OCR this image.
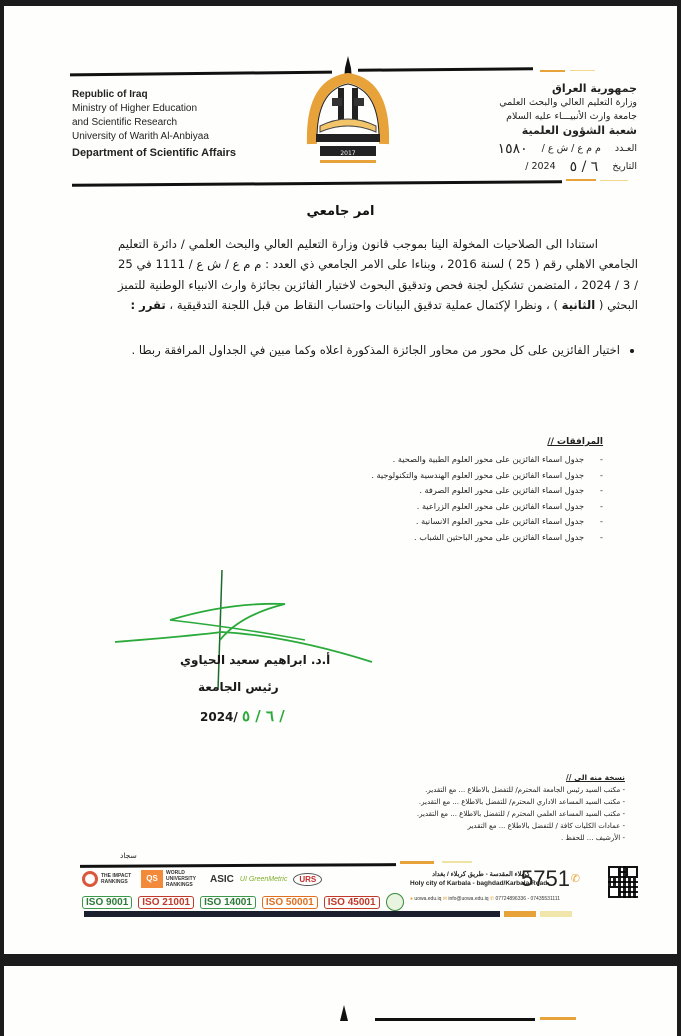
Republic of Iraq
Ministry of Higher Education
and Scientific Research
University of Warith Al-Anbiyaa
Department of Scientific Affairs	2017
جمهورية العراق
وزارة التعليم العالي والبحث العلمي
جامعة وارث الأنبيـــاء عليه السلام
شعبة الشؤون العلمية
العـدد
م م ع / ش ع /
١٥٨٠
التاريخ
٦ / ٥
2024 /
امر جامعي

استنادا الى الصلاحيات المخولة الينا بموجب قانون وزارة التعليم العالي والبحث العلمي / دائرة التعليم الجامعي الاهلي رقم ( 25 ) لسنة 2016 ، وبناءا على الامر الجامعي ذي العدد : م م ع / ش ع / 1111 في 25 / 3 / 2024 ، المتضمن تشكيل لجنة فحص وتدقيق البحوث لاختيار الفائزين بجائزة وارث الانبياء الوطنية للتميز البحثي ( الثانية ) ، ونظرا لإكتمال عملية تدقيق البيانات واحتساب النقاط من قبل اللجنة التدقيقية ، تقرر :

• اختيار الفائزين على كل محور من محاور الجائزة المذكورة اعلاه وكما مبين في الجداول المرافقة ربطا .
المرافقات //
- جدول اسماء الفائزين على محور العلوم الطبية والصحية .
- جدول اسماء الفائزين على محور العلوم الهندسية والتكنولوجية .
- جدول اسماء الفائزين على محور العلوم الصرفة .
- جدول اسماء الفائزين على محور العلوم الزراعية .
- جدول اسماء الفائزين على محور العلوم الانسانية .
- جدول اسماء الفائزين على محور الباحثين الشباب .
أ.د. ابراهيم سعيد الحياوي
رئيس الجامعة
2024/ ٦ / ٥ /
نسخة منه الى //
- مكتب السيد رئيس الجامعة المحترم/ للتفضل بالاطلاع ... مع التقدير.
- مكتب السيد المساعد الاداري المحترم/ للتفضل بالاطلاع ... مع التقدير.
- مكتب السيد المساعد العلمي المحترم / للتفضل بالاطلاع ... مع التقدير.
- عمادات الكليات كافة / للتفضل بالاطلاع ... مع التقدير
- الأرشيف ... للحفظ .
سجاد
THE IMPACT RANKINGS	QS
WORLD UNIVERSITY RANKINGS
ASIC UI GreenMetric	URS
ISO 9001	ISO 21001	ISO 14001	ISO 50001	ISO 45001
كربلاء المقدسة - طريق كربلاء / بغداد
Holy city of Karbala - baghdad/Karbala Road
5751 ✆
● uowa.edu.iq ✉ info@uowa.edu.iq ✆ 07724896336 - 07435531111
